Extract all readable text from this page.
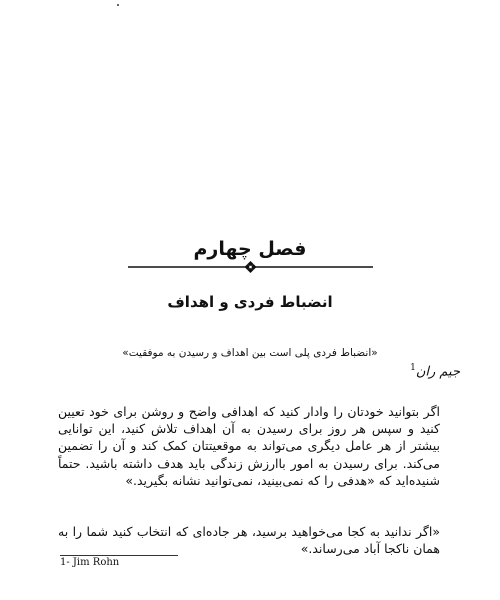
فصل چهارم
انضباط فردی و اهداف
«انضباط فردی پلی است بین اهداف و رسیدن به موفقیت»
جیم ران$^1$
اگر بتوانید خودتان را وادار کنید که اهدافی واضح و روشن برای خود تعیین کنید و سپس هر روز برای رسیدن به آن اهداف تلاش کنید، این توانایی بیشتر از هر عامل دیگری می‌تواند به موقعیتتان کمک کند و آن را تضمین می‌کند. برای رسیدن به امور باارزش زندگی باید هدف داشته باشید. حتماً شنیده‌اید که «هدفی را که نمی‌بینید، نمی‌توانید نشانه بگیرید.»
«اگر ندانید به کجا می‌خواهید برسید، هر جاده‌ای که انتخاب کنید شما را به همان ناکجا آباد می‌رساند.»
1- Jim Rohn
